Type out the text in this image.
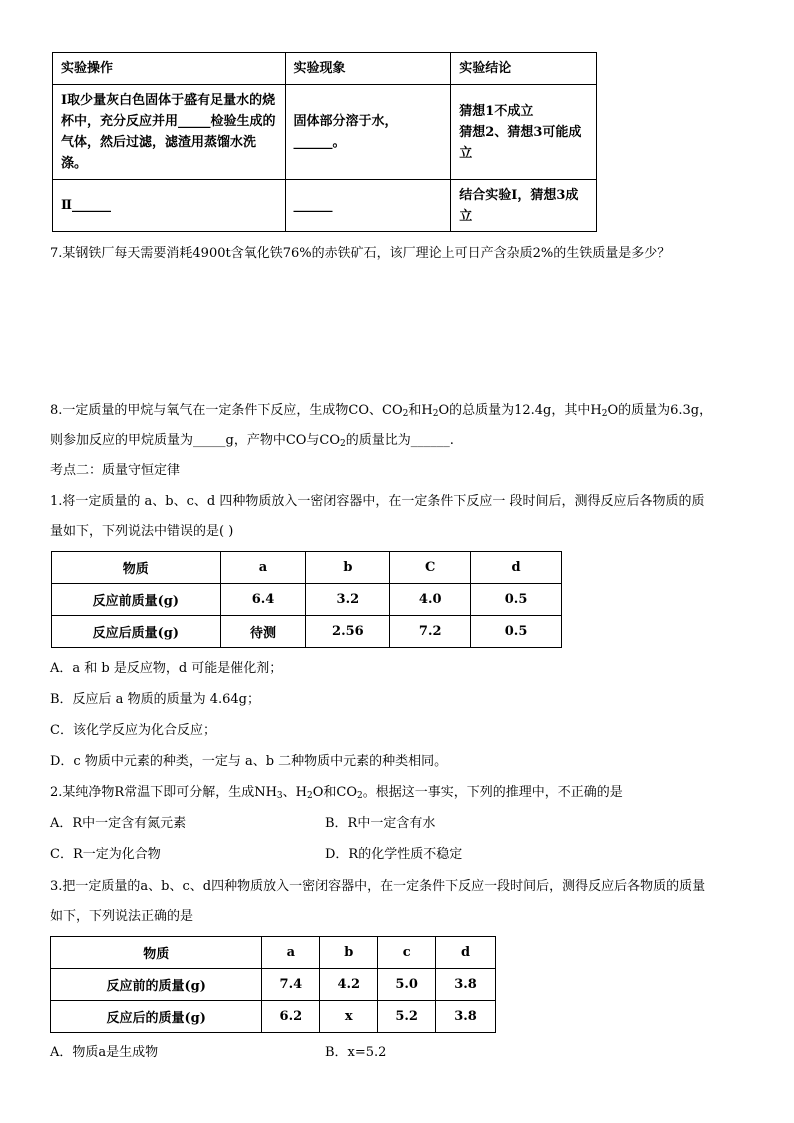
实验操作	实验现象	实验结论
Ⅰ取少量灰白色固体于盛有足量水的烧杯中，充分反应并用_____检验生成的气体，然后过滤，滤渣用蒸馏水洗涤。	固体部分溶于水，______。	猜想1不成立
猜想2、猜想3可能成立

Ⅱ______	______	结合实验Ⅰ，猜想3成立
7.某钢铁厂每天需要消耗4900t含氧化铁76%的赤铁矿石，该厂理论上可日产含杂质2%的生铁质量是多少？
8.一定质量的甲烷与氧气在一定条件下反应，生成物CO、$CO_2$和$H_2O$的总质量为12.4g，其中$H_2O$的质量为6.3g，
则参加反应的甲烷质量为_____g，产物中CO与$CO_2$的质量比为______.
考点二：质量守恒定律
1.将一定质量的 a、b、c、d 四种物质放入一密闭容器中，在一定条件下反应一 段时间后，测得反应后各物质的质
量如下，下列说法中错误的是( )
物质	a	b	C	d
反应前质量(g)	6.4	3.2	4.0	0.5
反应后质量(g)	待测	2.56	7.2	0.5
A．a 和 b 是反应物，d 可能是催化剂；
B．反应后 a 物质的质量为 4.64g；
C．该化学反应为化合反应；
D．c 物质中元素的种类，一定与 a、b 二种物质中元素的种类相同。
2.某纯净物R常温下即可分解，生成$NH_3$、$H_2O$和$CO_2$。根据这一事实，下列的推理中，不正确的是
A．R中一定含有氮元素	B．R中一定含有水
C．R一定为化合物	D．R的化学性质不稳定
3.把一定质量的a、b、c、d四种物质放入一密闭容器中，在一定条件下反应一段时间后，测得反应后各物质的质量
如下，下列说法正确的是
物质	a	b	c	d
反应前的质量(g)	7.4	4.2	5.0	3.8
反应后的质量(g)	6.2	x	5.2	3.8
A．物质a是生成物	B．x=5.2
